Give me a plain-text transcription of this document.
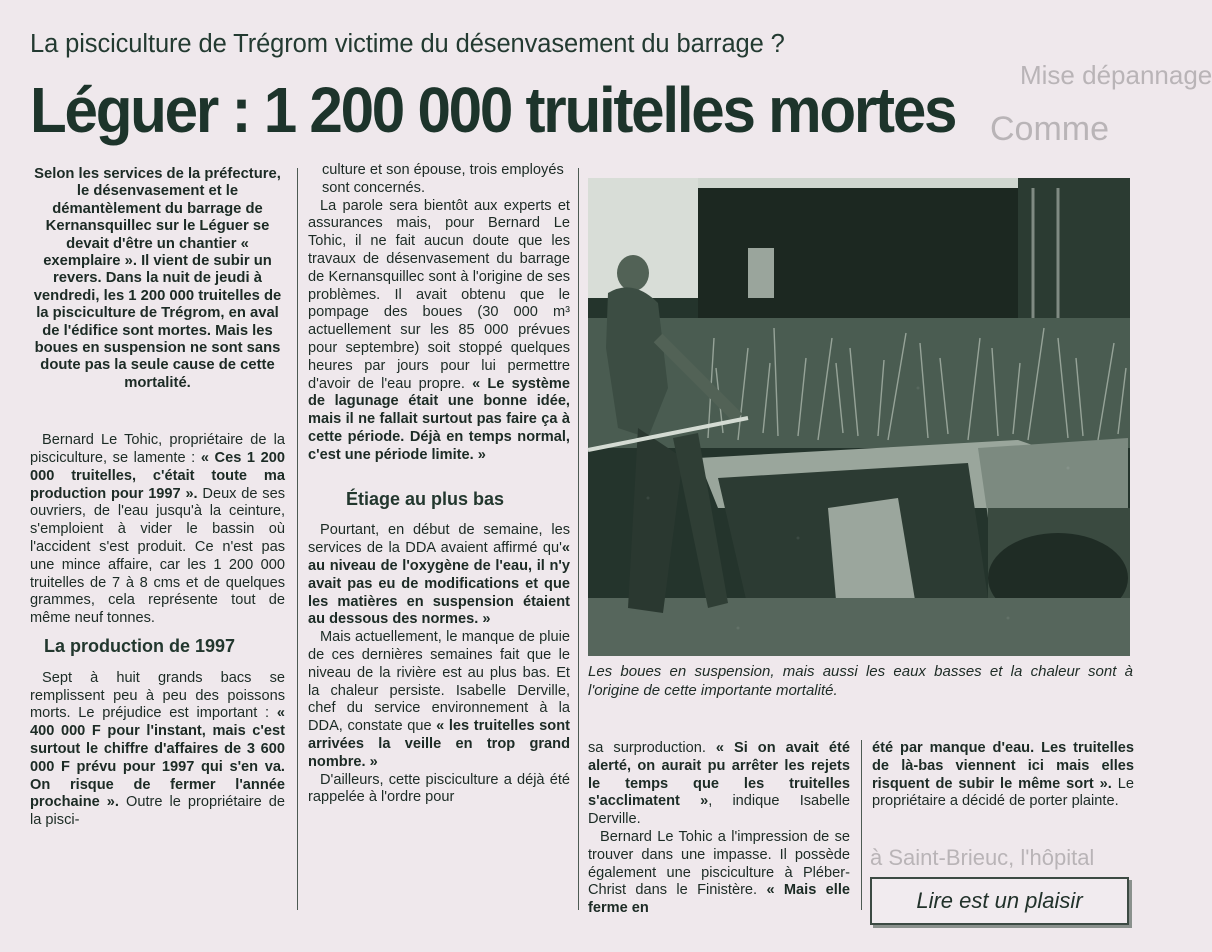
Mise dépannage
Comme
à Saint-Brieuc, l'hôpital
La pisciculture de Trégrom victime du désenvasement du barrage ?
Léguer : 1 200 000 truitelles mortes

Selon les services de la préfecture, le désenvasement et le démantèlement du barrage de Kernansquillec sur le Léguer se devait d'être un chantier « exemplaire ». Il vient de subir un revers. Dans la nuit de jeudi à vendredi, les 1 200 000 truitelles de la pisciculture de Trégrom, en aval de l'édifice sont mortes. Mais les boues en suspension ne sont sans doute pas la seule cause de cette mortalité.

Bernard Le Tohic, propriétaire de la pisciculture, se lamente : « Ces 1 200 000 truitelles, c'était toute ma production pour 1997 ». Deux de ses ouvriers, de l'eau jusqu'à la ceinture, s'emploient à vider le bassin où l'accident s'est produit. Ce n'est pas une mince affaire, car les 1 200 000 truitelles de 7 à 8 cms et de quelques grammes, cela représente tout de même neuf tonnes.

La production de 1997

Sept à huit grands bacs se remplissent peu à peu des poissons morts. Le préjudice est important : « 400 000 F pour l'instant, mais c'est surtout le chiffre d'affaires de 3 600 000 F prévu pour 1997 qui s'en va. On risque de fermer l'année prochaine ». Outre le propriétaire de la pisci-

culture et son épouse, trois employés sont concernés.

La parole sera bientôt aux experts et assurances mais, pour Bernard Le Tohic, il ne fait aucun doute que les travaux de désenvasement du barrage de Kernansquillec sont à l'origine de ses problèmes. Il avait obtenu que le pompage des boues (30 000 m³ actuellement sur les 85 000 prévues pour septembre) soit stoppé quelques heures par jours pour lui permettre d'avoir de l'eau propre. « Le système de lagunage était une bonne idée, mais il ne fallait surtout pas faire ça à cette période. Déjà en temps normal, c'est une période limite. »

Étiage au plus bas

Pourtant, en début de semaine, les services de la DDA avaient affirmé qu'« au niveau de l'oxygène de l'eau, il n'y avait pas eu de modifications et que les matières en suspension étaient au dessous des normes. »

Mais actuellement, le manque de pluie de ces dernières semaines fait que le niveau de la rivière est au plus bas. Et la chaleur persiste. Isabelle Derville, chef du service environnement à la DDA, constate que « les truitelles sont arrivées la veille en trop grand nombre. »

D'ailleurs, cette pisciculture a déjà été rappelée à l'ordre pour

Les boues en suspension, mais aussi les eaux basses et la chaleur sont à l'origine de cette importante mortalité.

sa surproduction. « Si on avait été alerté, on aurait pu arrêter les rejets le temps que les truitelles s'acclimatent », indique Isabelle Derville.

Bernard Le Tohic a l'impression de se trouver dans une impasse. Il possède également une pisciculture à Pléber-Christ dans le Finistère. « Mais elle ferme en

été par manque d'eau. Les truitelles de là-bas viennent ici mais elles risquent de subir le même sort ». Le propriétaire a décidé de porter plainte.

Lire est un plaisir
